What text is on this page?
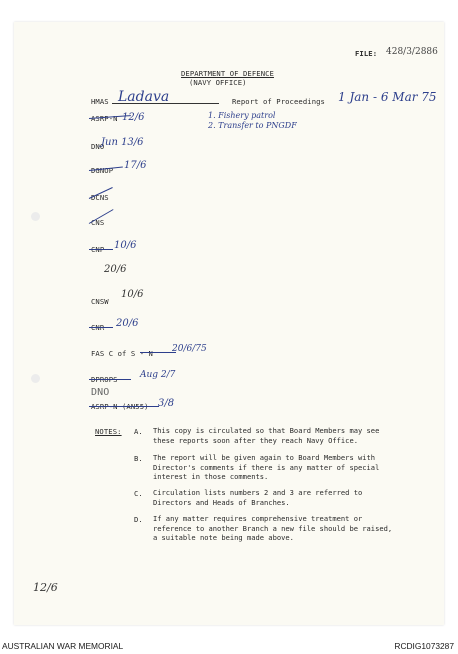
FILE: 428/3/2886
DEPARTMENT OF DEFENCE
(NAVY OFFICE)
HMAS Ladava	Report of Proceedings 1 Jan - 6 Mar 75
1. Fishery patrol
2. Transfer to PNGDF
ASRP-N 12/6
DNO
Jun 13/6
DGNOP 17/6
DCNS
CNS
CNP 10/6
20/6
CNSW
10/6
CNR 20/6
FAS C of S - N 20/6/75
DPROPS Aug 2/7
DNO
ASRP-N (AN55) 3/8
NOTES: A. This copy is circulated so that Board Members may see
these reports soon after they reach Navy Office.
B. The report will be given again to Board Members with
Director's comments if there is any matter of special
interest in those comments.
C. Circulation lists numbers 2 and 3 are referred to
Directors and Heads of Branches.
D. If any matter requires comprehensive treatment or
reference to another Branch a new file should be raised,
a suitable note being made above.
12/6
AUSTRALIAN WAR MEMORIAL	RCDIG1073287
